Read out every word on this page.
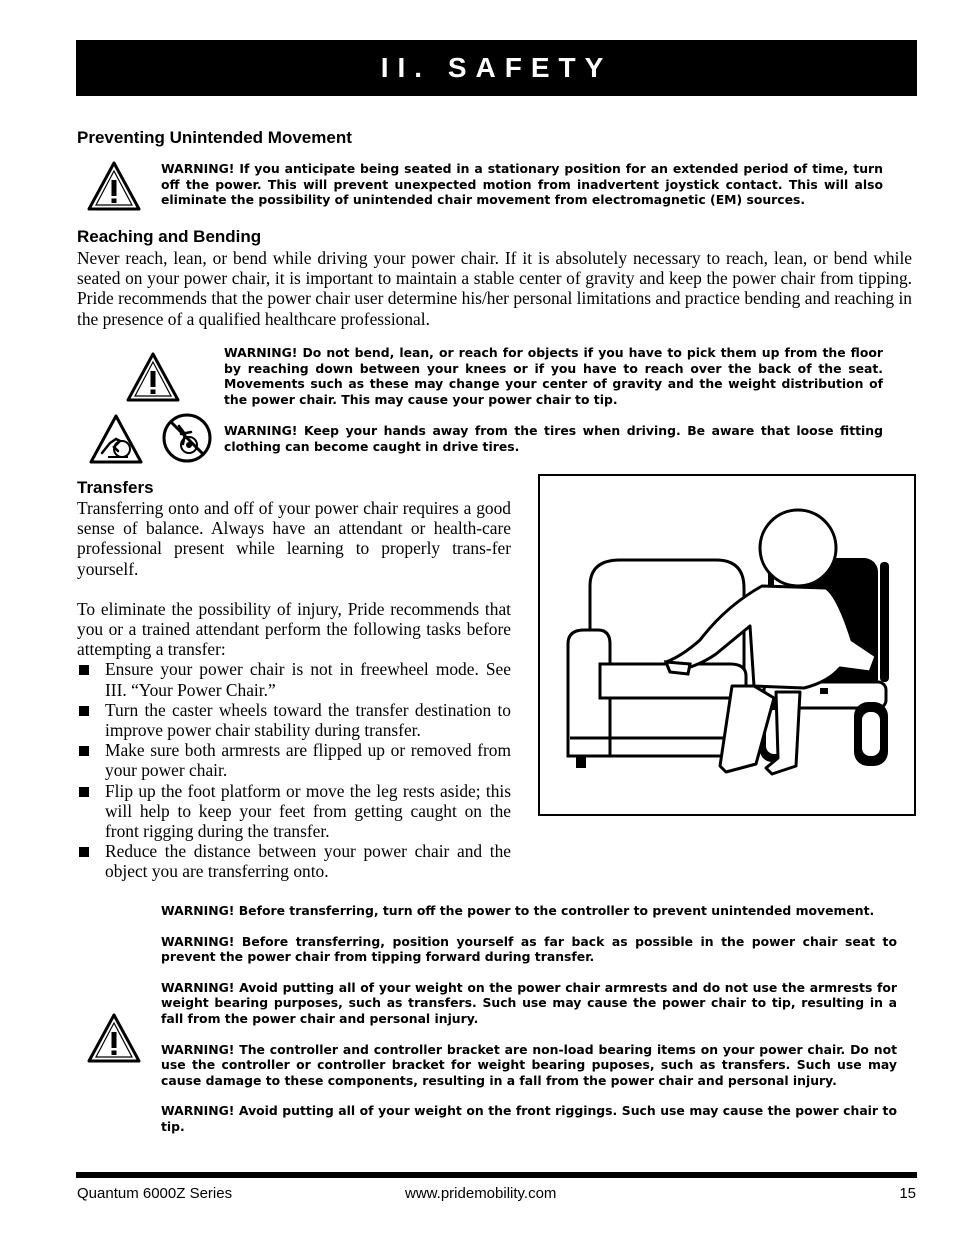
II. SAFETY
Preventing Unintended Movement
WARNING! If you anticipate being seated in a stationary position for an extended period of time, turn off the power. This will prevent unexpected motion from inadvertent joystick contact. This will also eliminate the possibility of unintended chair movement from electromagnetic (EM) sources.
Reaching and Bending
Never reach, lean, or bend while driving your power chair. If it is absolutely necessary to reach, lean, or bend while seated on your power chair, it is important to maintain a stable center of gravity and keep the power chair from tipping. Pride recommends that the power chair user determine his/her personal limitations and practice bending and reaching in the presence of a qualified healthcare professional.
WARNING! Do not bend, lean, or reach for objects if you have to pick them up from the floor by reaching down between your knees or if you have to reach over the back of the seat. Movements such as these may change your center of gravity and the weight distribution of the power chair. This may cause your power chair to tip.
WARNING! Keep your hands away from the tires when driving. Be aware that loose fitting clothing can become caught in drive tires.
Transfers
Transferring onto and off of your power chair requires a good sense of balance. Always have an attendant or health-care professional present while learning to properly trans-fer yourself.
To eliminate the possibility of injury, Pride recommends that you or a trained attendant perform the following tasks before attempting a transfer:
Ensure your power chair is not in freewheel mode. See III. “Your Power Chair.”
Turn the caster wheels toward the transfer destination to improve power chair stability during transfer.
Make sure both armrests are flipped up or removed from your power chair.
Flip up the foot platform or move the leg rests aside; this will help to keep your feet from getting caught on the front rigging during the transfer.
Reduce the distance between your power chair and the object you are transferring onto.
WARNING! Before transferring, turn off the power to the controller to prevent unintended movement.
WARNING! Before transferring, position yourself as far back as possible in the power chair seat to prevent the power chair from tipping forward during transfer.
WARNING! Avoid putting all of your weight on the power chair armrests and do not use the armrests for weight bearing purposes, such as transfers. Such use may cause the power chair to tip, resulting in a fall from the power chair and personal injury.
WARNING! The controller and controller bracket are non-load bearing items on your power chair. Do not use the controller or controller bracket for weight bearing puposes, such as transfers. Such use may cause damage to these components, resulting in a fall from the power chair and personal injury.
WARNING! Avoid putting all of your weight on the front riggings. Such use may cause the power chair to tip.
Quantum 6000Z Series	www.pridemobility.com	15
